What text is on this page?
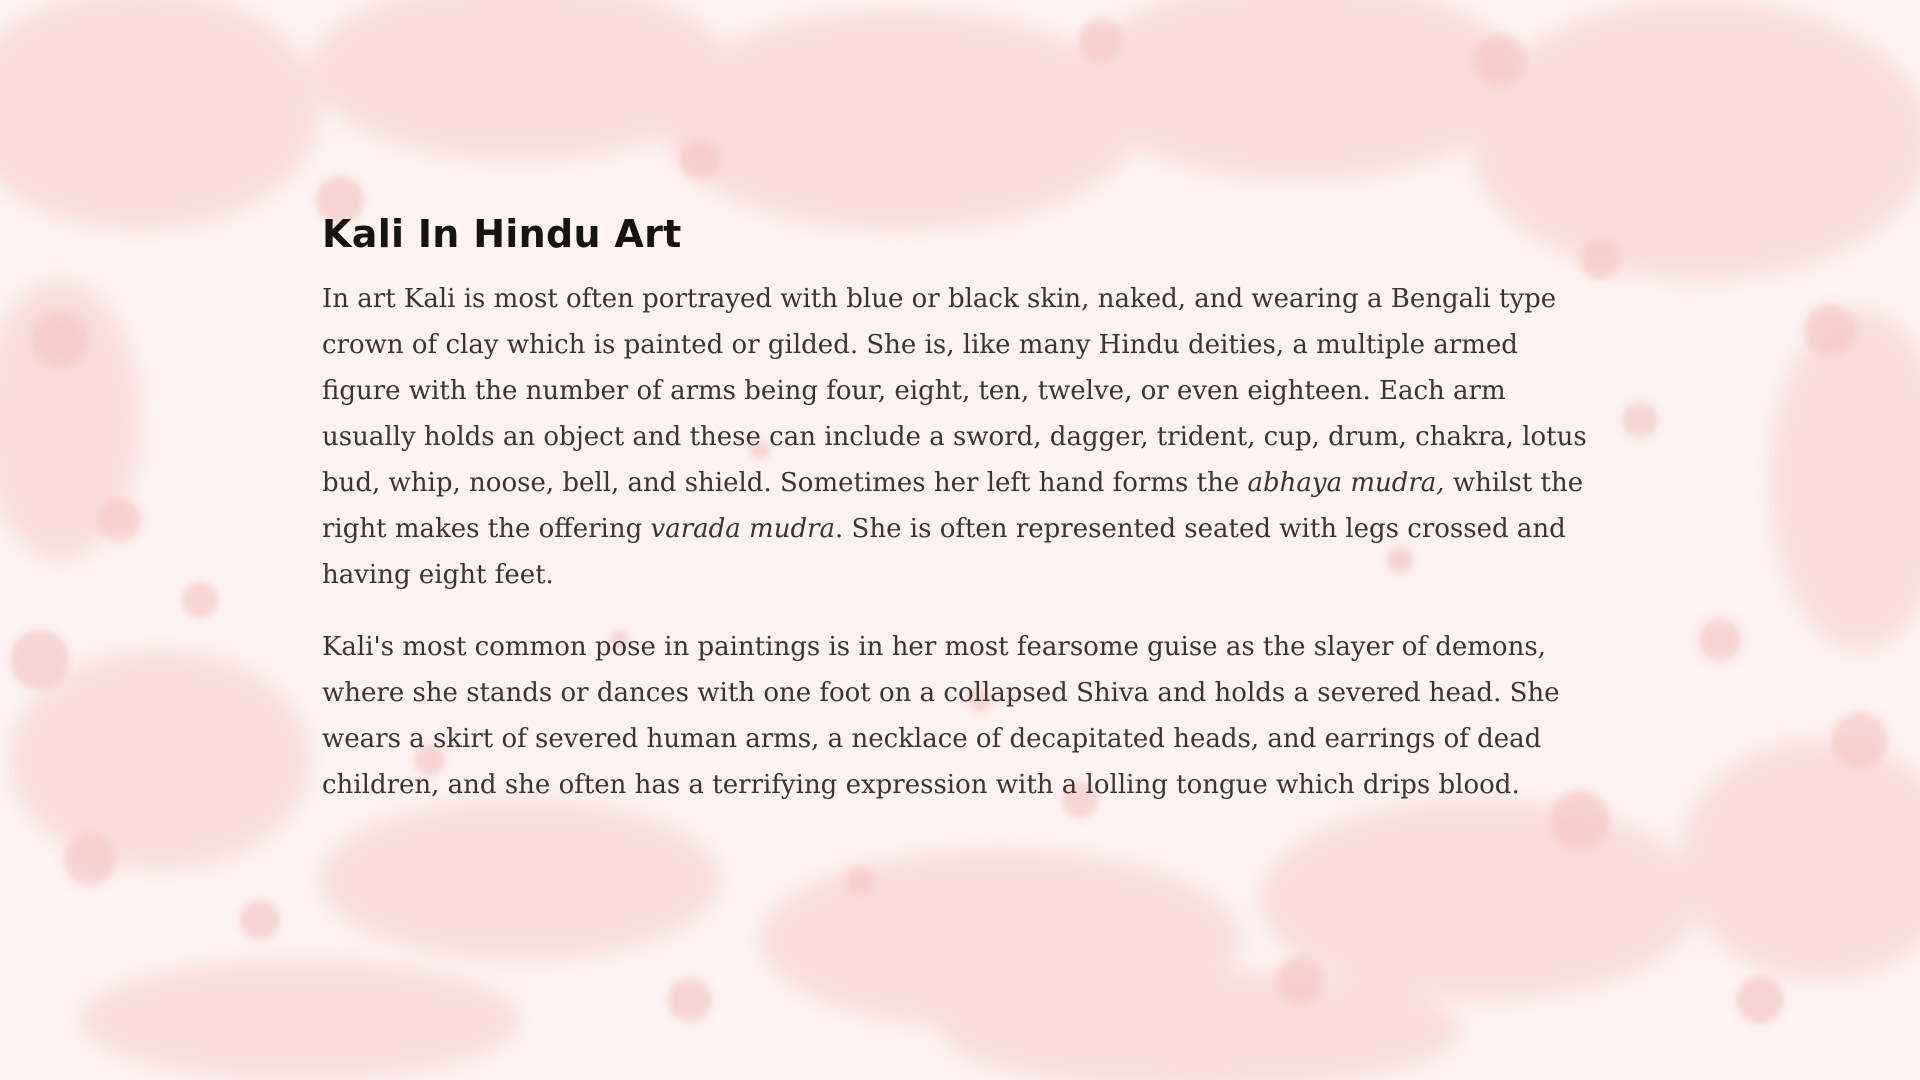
Kali In Hindu Art

In art Kali is most often portrayed with blue or black skin, naked, and wearing a Bengali type crown of clay which is painted or gilded. She is, like many Hindu deities, a multiple armed figure with the number of arms being four, eight, ten, twelve, or even eighteen. Each arm usually holds an object and these can include a sword, dagger, trident, cup, drum, chakra, lotus bud, whip, noose, bell, and shield. Sometimes her left hand forms the abhaya mudra, whilst the right makes the offering varada mudra. She is often represented seated with legs crossed and having eight feet.

Kali's most common pose in paintings is in her most fearsome guise as the slayer of demons, where she stands or dances with one foot on a collapsed Shiva and holds a severed head. She wears a skirt of severed human arms, a necklace of decapitated heads, and earrings of dead children, and she often has a terrifying expression with a lolling tongue which drips blood.
